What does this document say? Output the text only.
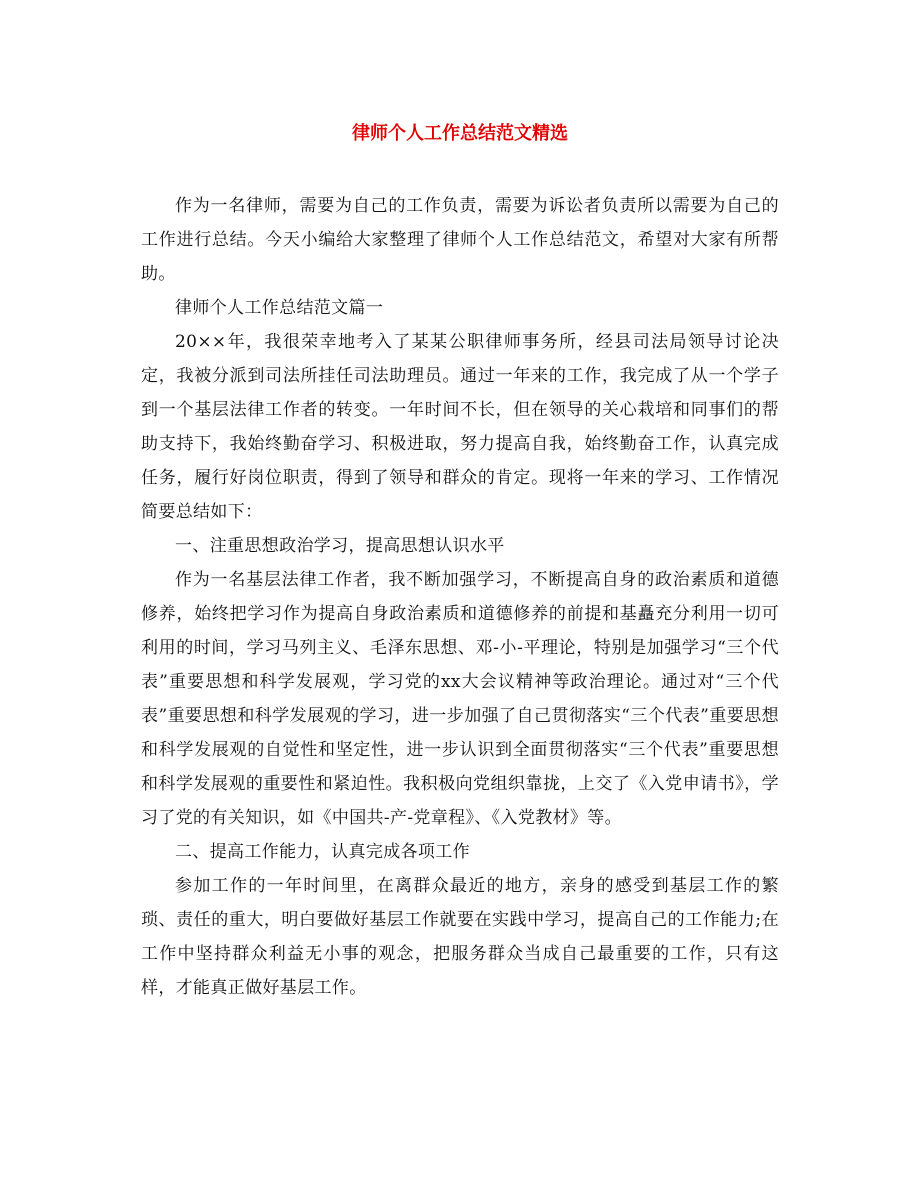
律师个人工作总结范文精选

作为一名律师，需要为自己的工作负责，需要为诉讼者负责所以需要为自己的工作进行总结。今天小编给大家整理了律师个人工作总结范文，希望对大家有所帮助。

律师个人工作总结范文篇一

20××年，我很荣幸地考入了某某公职律师事务所，经县司法局领导讨论决定，我被分派到司法所挂任司法助理员。通过一年来的工作，我完成了从一个学子到一个基层法律工作者的转变。一年时间不长，但在领导的关心栽培和同事们的帮助支持下，我始终勤奋学习、积极进取，努力提高自我，始终勤奋工作，认真完成任务，履行好岗位职责，得到了领导和群众的肯定。现将一年来的学习、工作情况简要总结如下：

一、注重思想政治学习，提高思想认识水平

作为一名基层法律工作者，我不断加强学习，不断提高自身的政治素质和道德修养，始终把学习作为提高自身政治素质和道德修养的前提和基矗充分利用一切可利用的时间，学习马列主义、毛泽东思想、邓-小-平理论，特别是加强学习“三个代表”重要思想和科学发展观，学习党的xx大会议精神等政治理论。通过对“三个代表”重要思想和科学发展观的学习，进一步加强了自己贯彻落实“三个代表”重要思想和科学发展观的自觉性和坚定性，进一步认识到全面贯彻落实“三个代表”重要思想和科学发展观的重要性和紧迫性。我积极向党组织靠拢，上交了《入党申请书》，学习了党的有关知识，如《中国共-产-党章程》、《入党教材》等。

二、提高工作能力，认真完成各项工作

参加工作的一年时间里，在离群众最近的地方，亲身的感受到基层工作的繁琐、责任的重大，明白要做好基层工作就要在实践中学习，提高自己的工作能力;在工作中坚持群众利益无小事的观念，把服务群众当成自己最重要的工作，只有这样，才能真正做好基层工作。
